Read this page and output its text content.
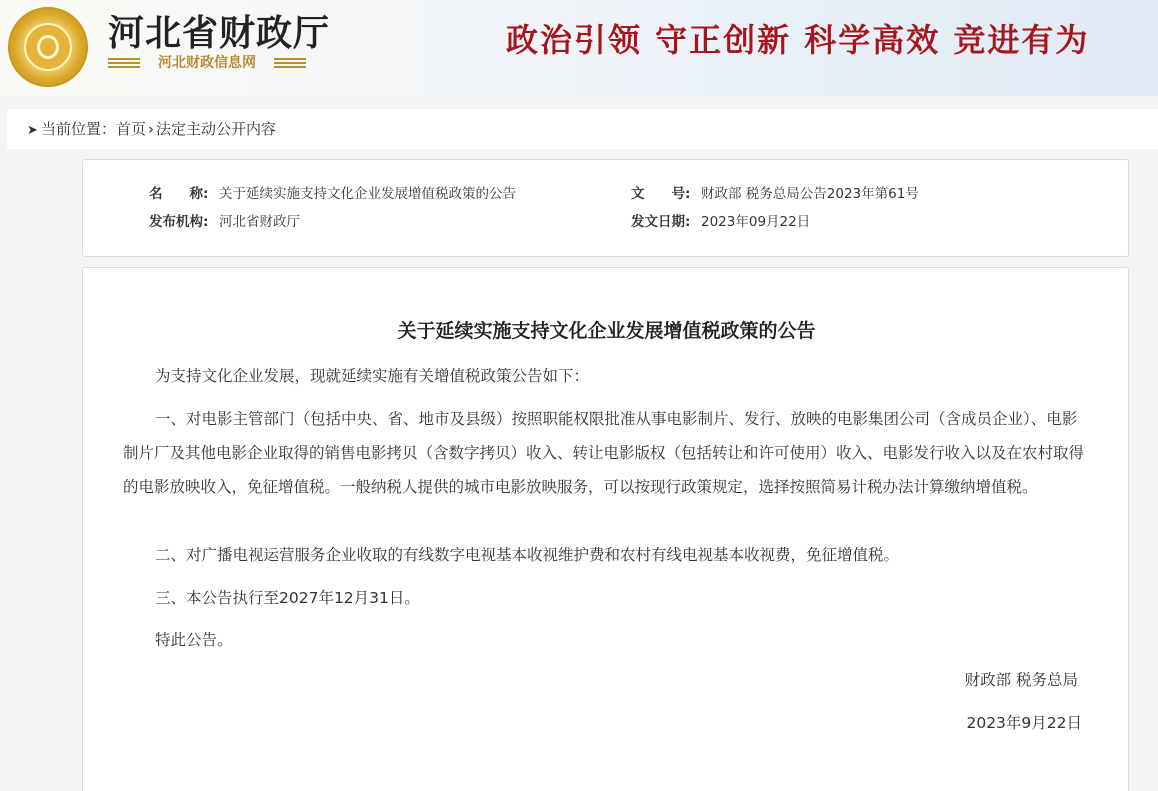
河北省财政厅
河北财政信息网
政治引领 守正创新 科学高效 竞进有为
➤ 当前位置：首页 › 法定主动公开内容
名　　称: 关于延续实施支持文化企业发展增值税政策的公告	文　　号: 财政部 税务总局公告2023年第61号
发布机构: 河北省财政厅	发文日期: 2023年09月22日
关于延续实施支持文化企业发展增值税政策的公告

为支持文化企业发展，现就延续实施有关增值税政策公告如下：

一、对电影主管部门（包括中央、省、地市及县级）按照职能权限批准从事电影制片、发行、放映的电影集团公司（含成员企业）、电影制片厂及其他电影企业取得的销售电影拷贝（含数字拷贝）收入、转让电影版权（包括转让和许可使用）收入、电影发行收入以及在农村取得的电影放映收入，免征增值税。一般纳税人提供的城市电影放映服务，可以按现行政策规定，选择按照简易计税办法计算缴纳增值税。

二、对广播电视运营服务企业收取的有线数字电视基本收视维护费和农村有线电视基本收视费，免征增值税。

三、本公告执行至2027年12月31日。

特此公告。

财政部 税务总局
2023年9月22日
